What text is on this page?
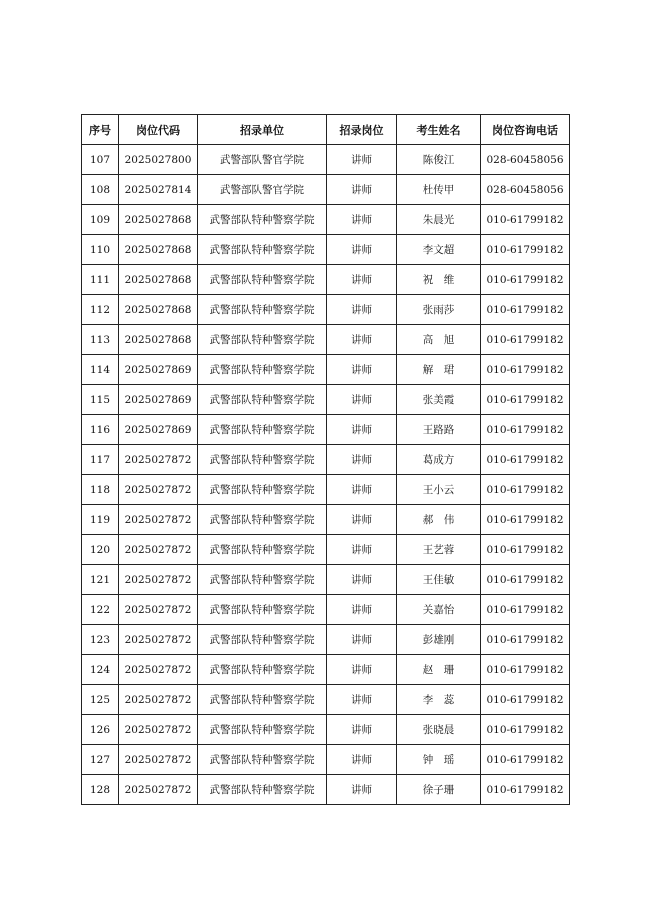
序号	岗位代码	招录单位	招录岗位	考生姓名	岗位咨询电话
107	2025027800	武警部队警官学院	讲师	陈俊江	028-60458056
108	2025027814	武警部队警官学院	讲师	杜传甲	028-60458056
109	2025027868	武警部队特种警察学院	讲师	朱晨光	010-61799182
110	2025027868	武警部队特种警察学院	讲师	李文超	010-61799182
111	2025027868	武警部队特种警察学院	讲师	祝　维	010-61799182
112	2025027868	武警部队特种警察学院	讲师	张雨莎	010-61799182
113	2025027868	武警部队特种警察学院	讲师	高　旭	010-61799182
114	2025027869	武警部队特种警察学院	讲师	解　珺	010-61799182
115	2025027869	武警部队特种警察学院	讲师	张美霞	010-61799182
116	2025027869	武警部队特种警察学院	讲师	王路路	010-61799182
117	2025027872	武警部队特种警察学院	讲师	葛成方	010-61799182
118	2025027872	武警部队特种警察学院	讲师	王小云	010-61799182
119	2025027872	武警部队特种警察学院	讲师	郝　伟	010-61799182
120	2025027872	武警部队特种警察学院	讲师	王艺蓉	010-61799182
121	2025027872	武警部队特种警察学院	讲师	王佳敏	010-61799182
122	2025027872	武警部队特种警察学院	讲师	关嘉怡	010-61799182
123	2025027872	武警部队特种警察学院	讲师	彭雄刚	010-61799182
124	2025027872	武警部队特种警察学院	讲师	赵　珊	010-61799182
125	2025027872	武警部队特种警察学院	讲师	李　蕊	010-61799182
126	2025027872	武警部队特种警察学院	讲师	张晓晨	010-61799182
127	2025027872	武警部队特种警察学院	讲师	钟　瑶	010-61799182
128	2025027872	武警部队特种警察学院	讲师	徐子珊	010-61799182
